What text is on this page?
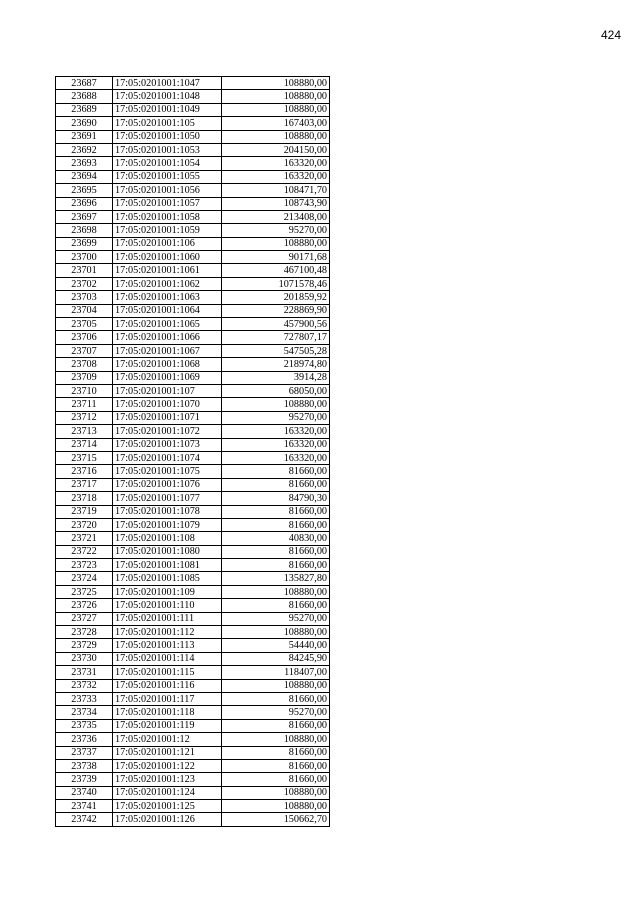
424
23687	17:05:0201001:1047	108880,00
23688	17:05:0201001:1048	108880,00
23689	17:05:0201001:1049	108880,00
23690	17:05:0201001:105	167403,00
23691	17:05:0201001:1050	108880,00
23692	17:05:0201001:1053	204150,00
23693	17:05:0201001:1054	163320,00
23694	17:05:0201001:1055	163320,00
23695	17:05:0201001:1056	108471,70
23696	17:05:0201001:1057	108743,90
23697	17:05:0201001:1058	213408,00
23698	17:05:0201001:1059	95270,00
23699	17:05:0201001:106	108880,00
23700	17:05:0201001:1060	90171,68
23701	17:05:0201001:1061	467100,48
23702	17:05:0201001:1062	1071578,46
23703	17:05:0201001:1063	201859,92
23704	17:05:0201001:1064	228869,90
23705	17:05:0201001:1065	457900,56
23706	17:05:0201001:1066	727807,17
23707	17:05:0201001:1067	547505,28
23708	17:05:0201001:1068	218974,80
23709	17:05:0201001:1069	3914,28
23710	17:05:0201001:107	68050,00
23711	17:05:0201001:1070	108880,00
23712	17:05:0201001:1071	95270,00
23713	17:05:0201001:1072	163320,00
23714	17:05:0201001:1073	163320,00
23715	17:05:0201001:1074	163320,00
23716	17:05:0201001:1075	81660,00
23717	17:05:0201001:1076	81660,00
23718	17:05:0201001:1077	84790,30
23719	17:05:0201001:1078	81660,00
23720	17:05:0201001:1079	81660,00
23721	17:05:0201001:108	40830,00
23722	17:05:0201001:1080	81660,00
23723	17:05:0201001:1081	81660,00
23724	17:05:0201001:1085	135827,80
23725	17:05:0201001:109	108880,00
23726	17:05:0201001:110	81660,00
23727	17:05:0201001:111	95270,00
23728	17:05:0201001:112	108880,00
23729	17:05:0201001:113	54440,00
23730	17:05:0201001:114	84245,90
23731	17:05:0201001:115	118407,00
23732	17:05:0201001:116	108880,00
23733	17:05:0201001:117	81660,00
23734	17:05:0201001:118	95270,00
23735	17:05:0201001:119	81660,00
23736	17:05:0201001:12	108880,00
23737	17:05:0201001:121	81660,00
23738	17:05:0201001:122	81660,00
23739	17:05:0201001:123	81660,00
23740	17:05:0201001:124	108880,00
23741	17:05:0201001:125	108880,00
23742	17:05:0201001:126	150662,70
